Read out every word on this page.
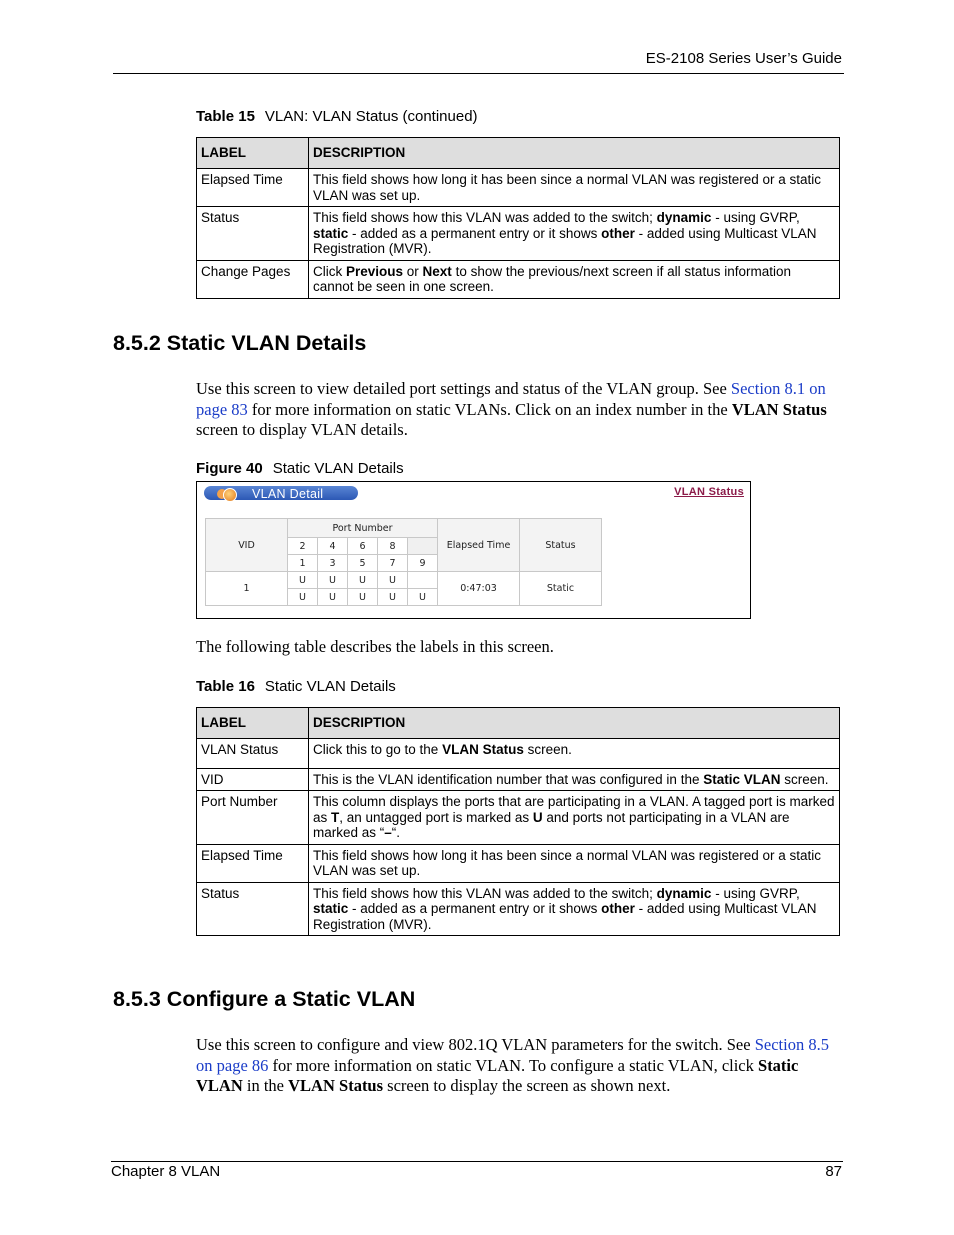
ES-2108 Series User’s Guide
Table 15 VLAN: VLAN Status (continued)
LABEL	DESCRIPTION
Elapsed Time	This field shows how long it has been since a normal VLAN was registered or a static VLAN was set up.
Status	This field shows how this VLAN was added to the switch; dynamic - using GVRP, static - added as a permanent entry or it shows other - added using Multicast VLAN Registration (MVR).
Change Pages	Click Previous or Next to show the previous/next screen if all status information cannot be seen in one screen.
8.5.2 Static VLAN Details
Use this screen to view detailed port settings and status of the VLAN group. See Section 8.1 on page 83 for more information on static VLANs. Click on an index number in the VLAN Status screen to display VLAN details.
Figure 40 Static VLAN Details
VLAN Detail	VLAN Status
VID	Port Number					Elapsed Time	Status
	2	4	6	8			
	1	3	5	7	9		
1	U	U	U	U		0:47:03	Static
	U	U	U	U	U		
The following table describes the labels in this screen.
Table 16 Static VLAN Details
LABEL	DESCRIPTION
VLAN Status	Click this to go to the VLAN Status screen.
VID	This is the VLAN identification number that was configured in the Static VLAN screen.
Port Number	This column displays the ports that are participating in a VLAN. A tagged port is marked as T, an untagged port is marked as U and ports not participating in a VLAN are marked as “–“.
Elapsed Time	This field shows how long it has been since a normal VLAN was registered or a static VLAN was set up.
Status	This field shows how this VLAN was added to the switch; dynamic - using GVRP, static - added as a permanent entry or it shows other - added using Multicast VLAN Registration (MVR).
8.5.3 Configure a Static VLAN
Use this screen to configure and view 802.1Q VLAN parameters for the switch. See Section 8.5 on page 86 for more information on static VLAN. To configure a static VLAN, click Static VLAN in the VLAN Status screen to display the screen as shown next.
Chapter 8 VLAN	87
